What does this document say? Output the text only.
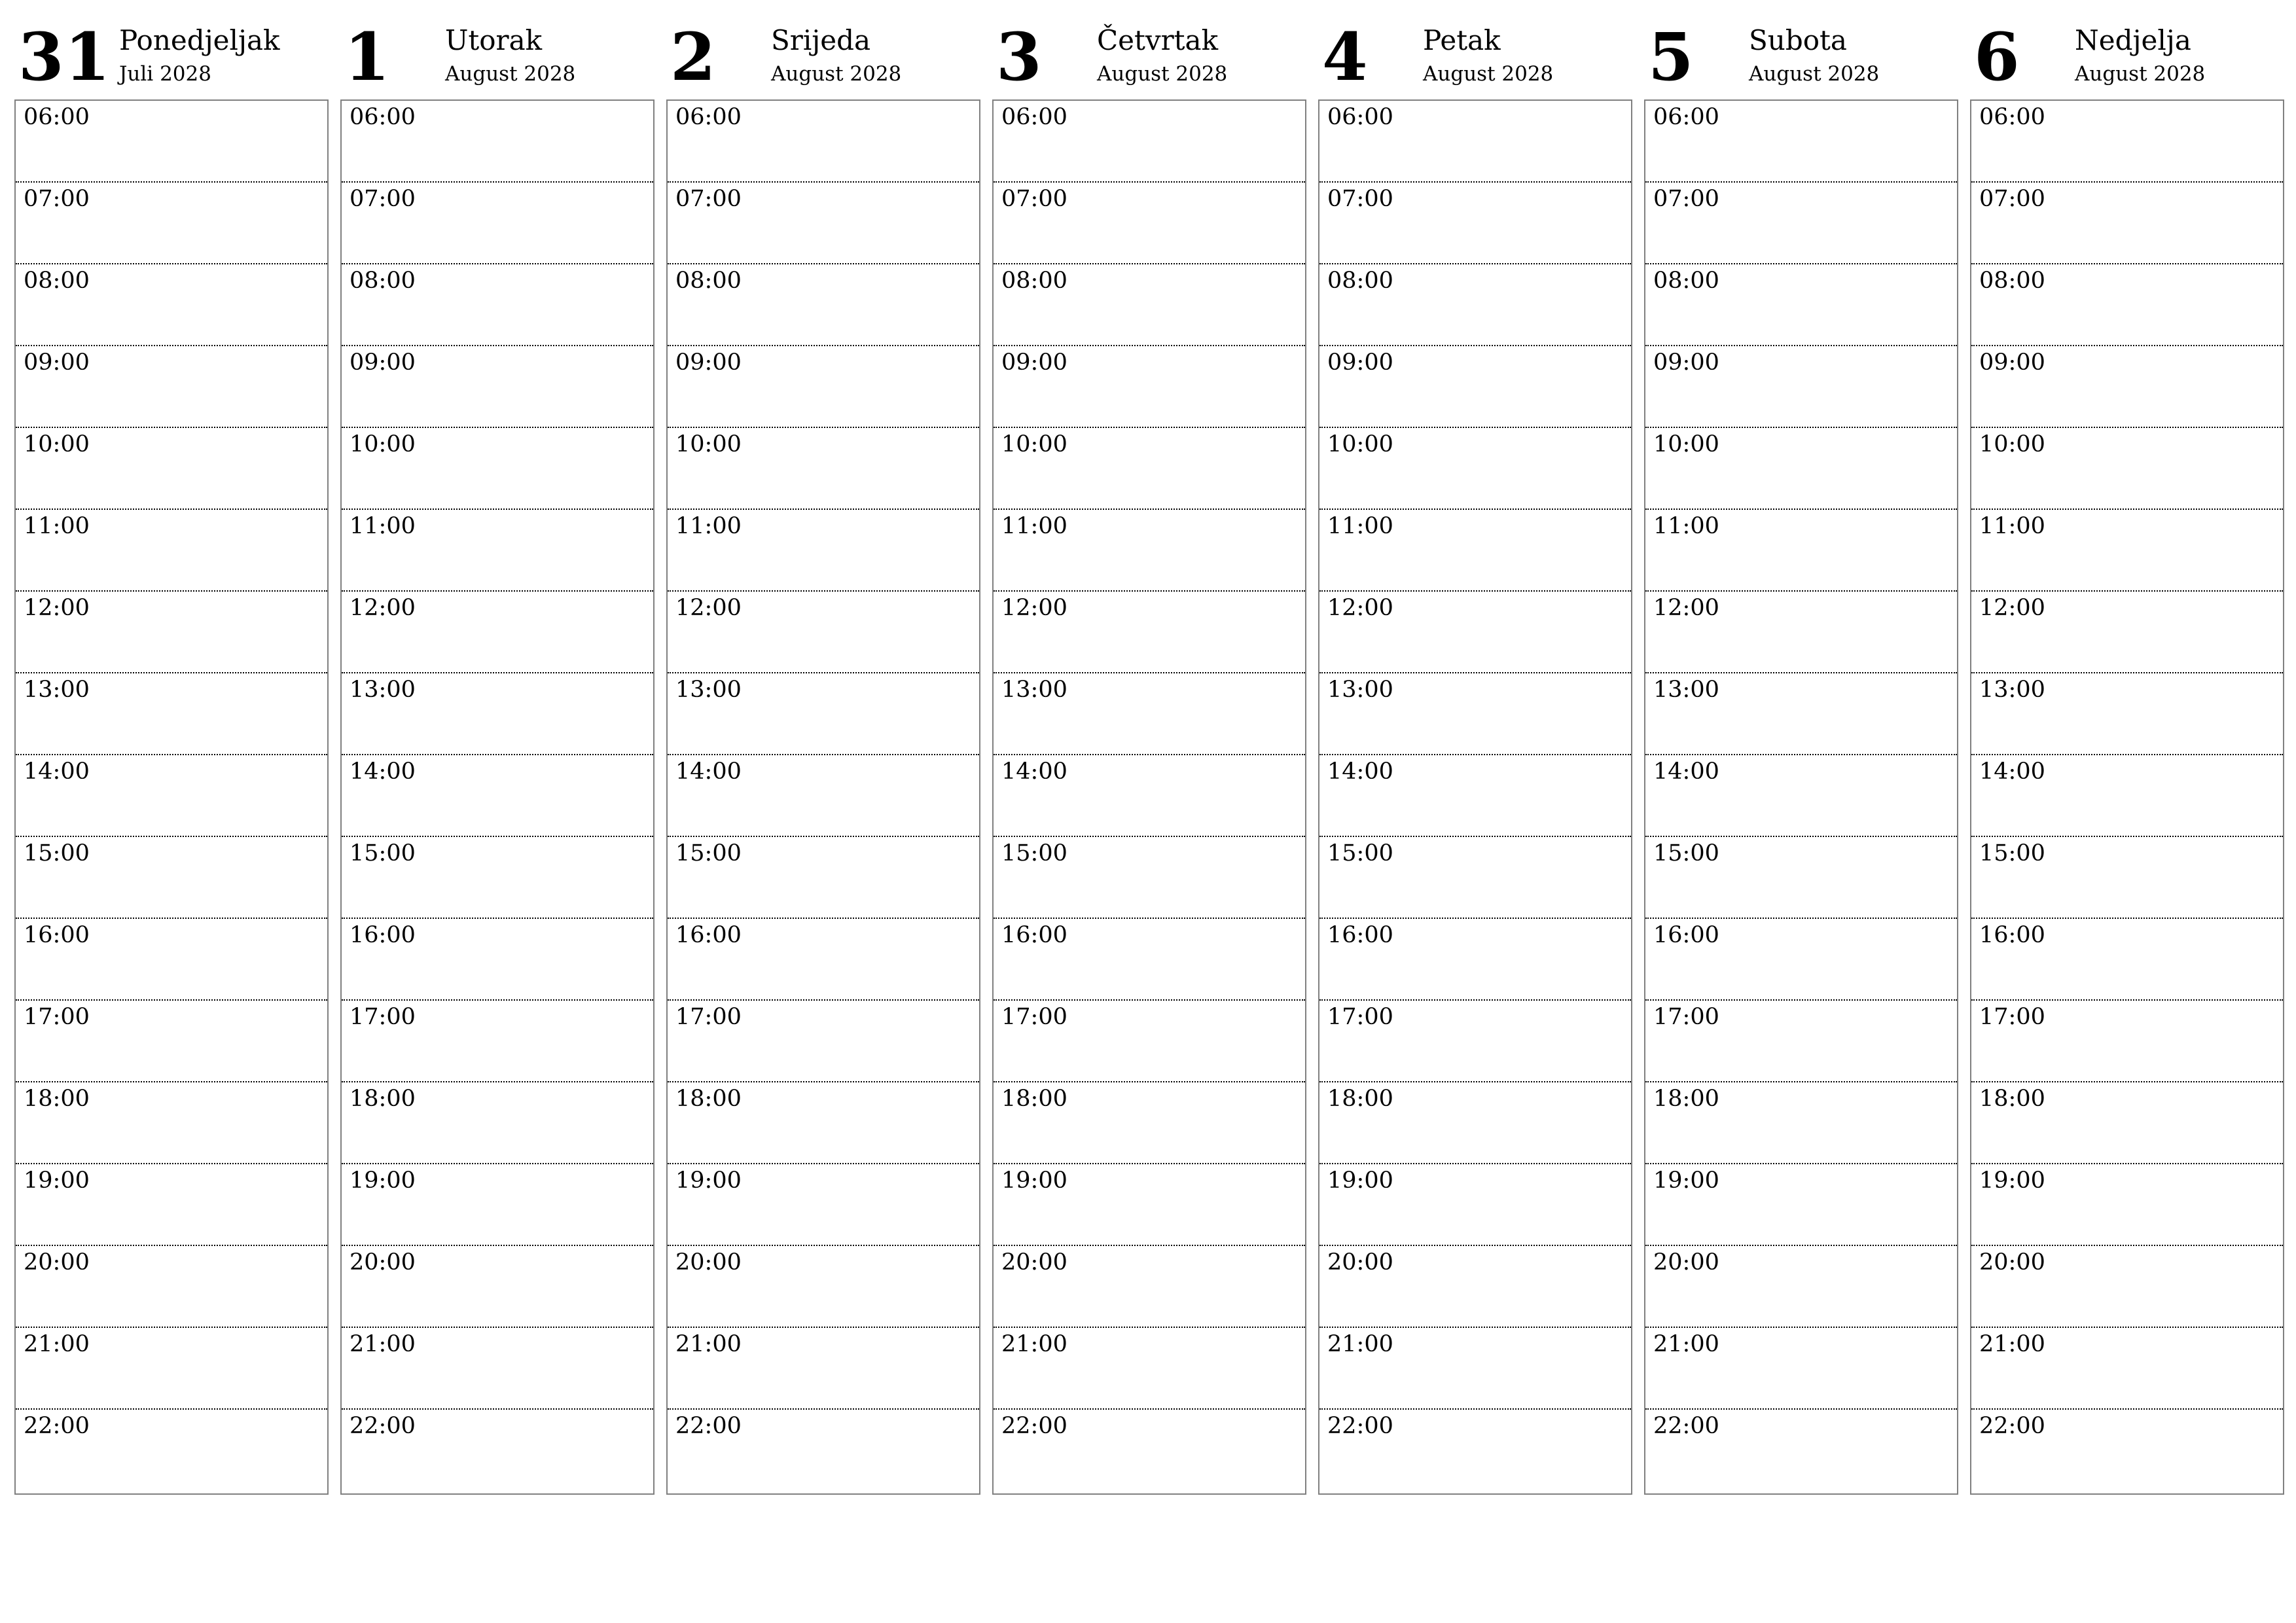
31 Ponedjeljak
Juli 2028
06:00
07:00
08:00
09:00
10:00
11:00
12:00
13:00
14:00
15:00
16:00
17:00
18:00
19:00
20:00
21:00
22:00
1 Utorak
August 2028
06:00
07:00
08:00
09:00
10:00
11:00
12:00
13:00
14:00
15:00
16:00
17:00
18:00
19:00
20:00
21:00
22:00
2 Srijeda
August 2028
06:00
07:00
08:00
09:00
10:00
11:00
12:00
13:00
14:00
15:00
16:00
17:00
18:00
19:00
20:00
21:00
22:00
3 Četvrtak
August 2028
06:00
07:00
08:00
09:00
10:00
11:00
12:00
13:00
14:00
15:00
16:00
17:00
18:00
19:00
20:00
21:00
22:00
4 Petak
August 2028
06:00
07:00
08:00
09:00
10:00
11:00
12:00
13:00
14:00
15:00
16:00
17:00
18:00
19:00
20:00
21:00
22:00
5 Subota
August 2028
06:00
07:00
08:00
09:00
10:00
11:00
12:00
13:00
14:00
15:00
16:00
17:00
18:00
19:00
20:00
21:00
22:00
6 Nedjelja
August 2028
06:00
07:00
08:00
09:00
10:00
11:00
12:00
13:00
14:00
15:00
16:00
17:00
18:00
19:00
20:00
21:00
22:00
